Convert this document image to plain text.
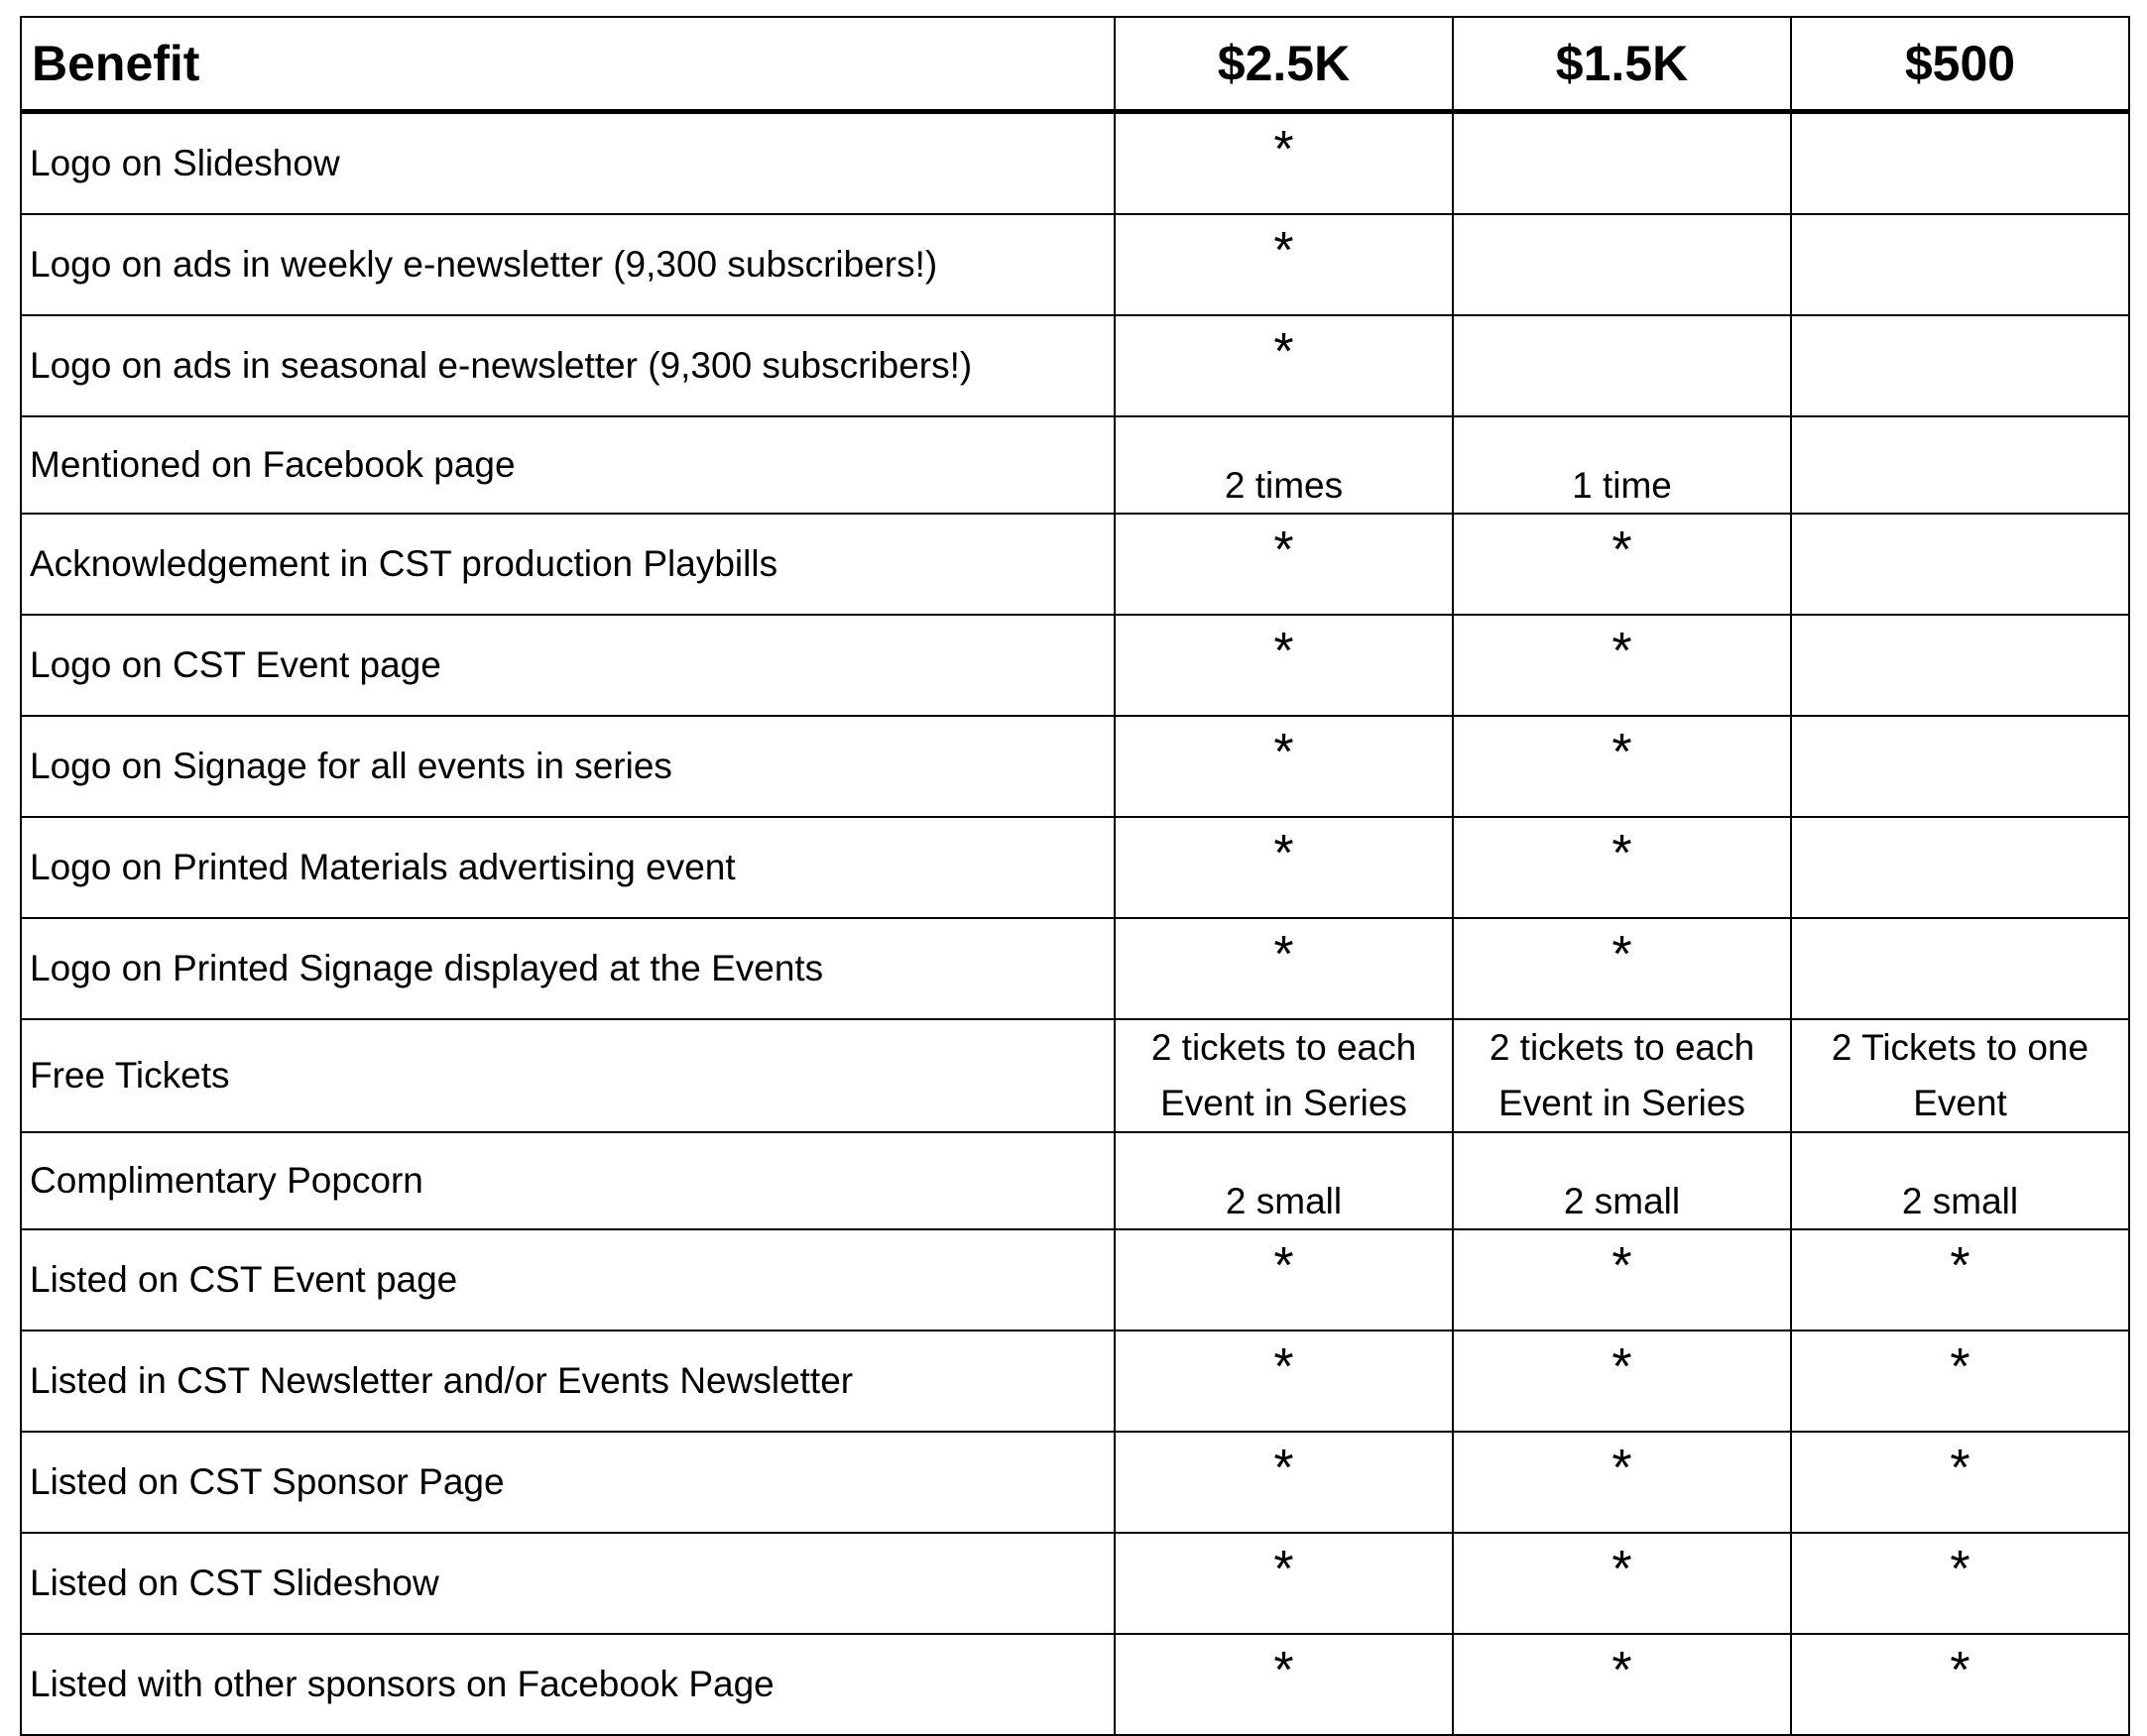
Benefit	$2.5K	$1.5K	$500
Logo on Slideshow	*		
Logo on ads in weekly e-newsletter (9,300 subscribers!)	*		
Logo on ads in seasonal e-newsletter (9,300 subscribers!)	*		
Mentioned on Facebook page	2 times	1 time	
Acknowledgement in CST production Playbills	*	*	
Logo on CST Event page	*	*	
Logo on Signage for all events in series	*	*	
Logo on Printed Materials advertising event	*	*	
Logo on Printed Signage displayed at the Events	*	*	
Free Tickets	2 tickets to each Event in Series	2 tickets to each Event in Series	2 Tickets to one Event
Complimentary Popcorn	2 small	2 small	2 small
Listed on CST Event page	*	*	*
Listed in CST Newsletter and/or Events Newsletter	*	*	*
Listed on CST Sponsor Page	*	*	*
Listed on CST Slideshow	*	*	*
Listed with other sponsors on Facebook Page	*	*	*
